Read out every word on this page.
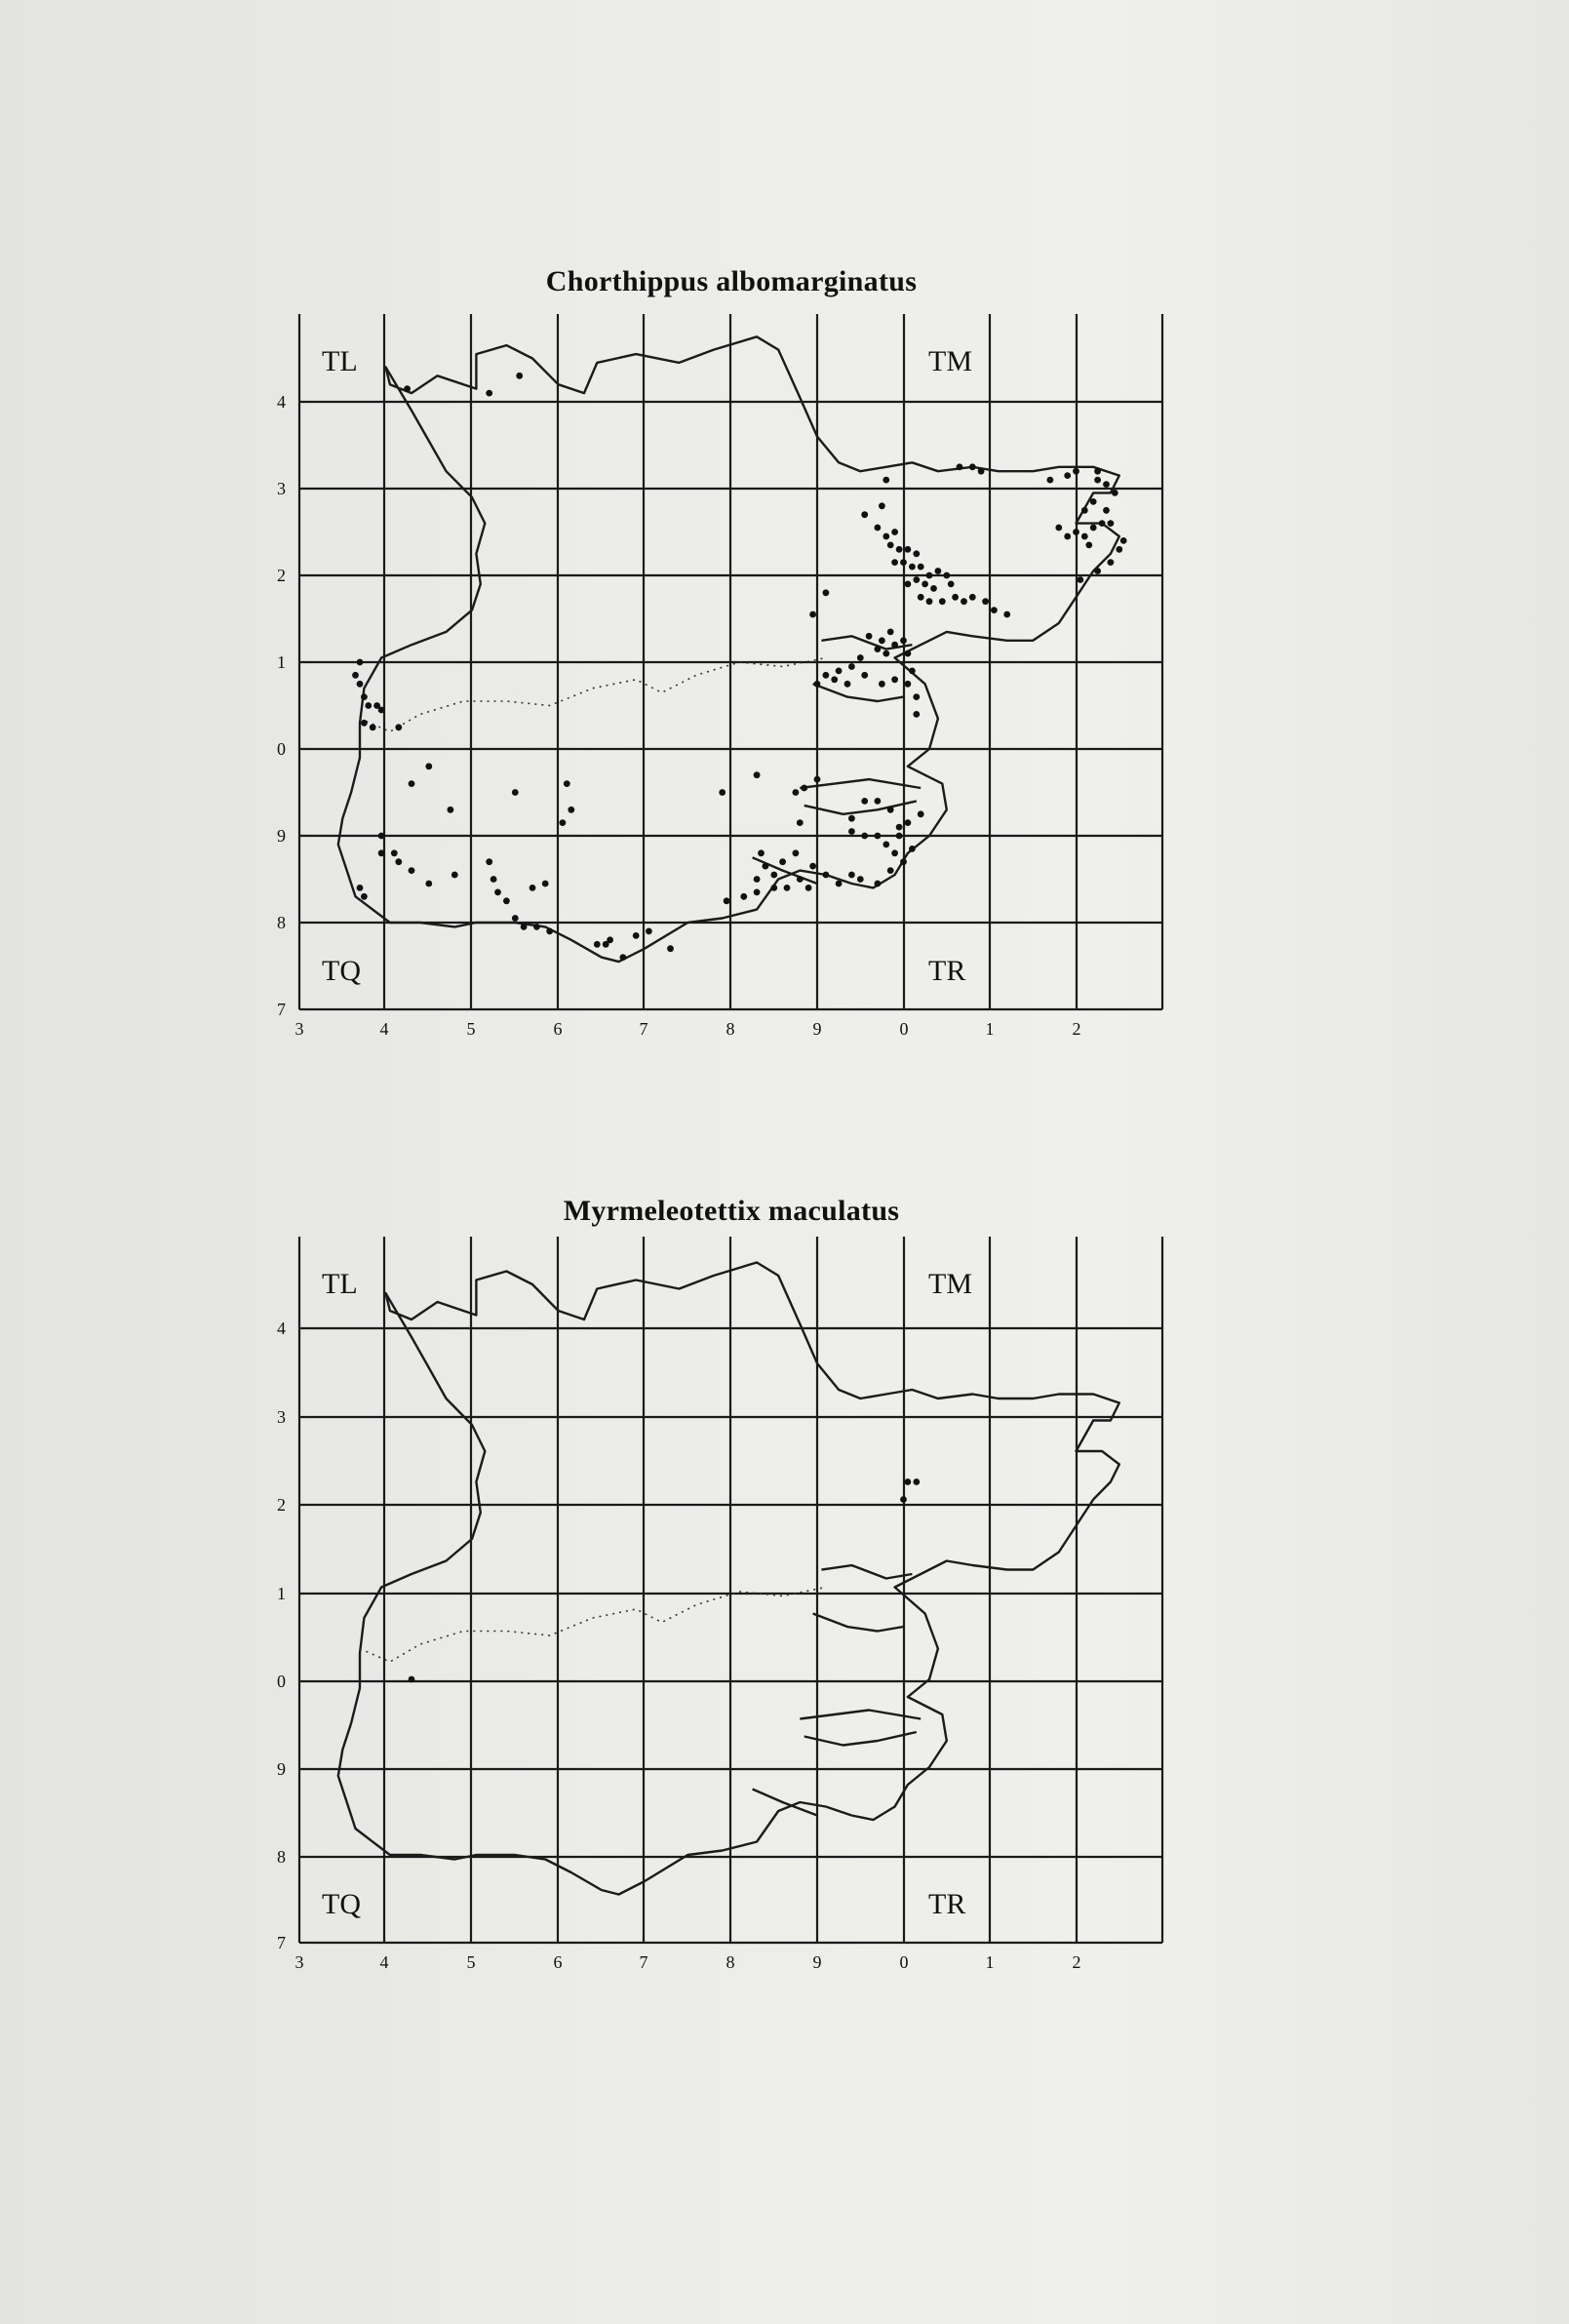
Chorthippus albomarginatus
4
3
2
1
0
9
8
7
3	4	5	6	7	8	9	0	1	2
TL	TM
TQ	TR
Myrmeleotettix maculatus
4
3
2
1
0
9
8
7
3	4	5	6	7	8	9	0	1	2
TL	TM
TQ	TR
